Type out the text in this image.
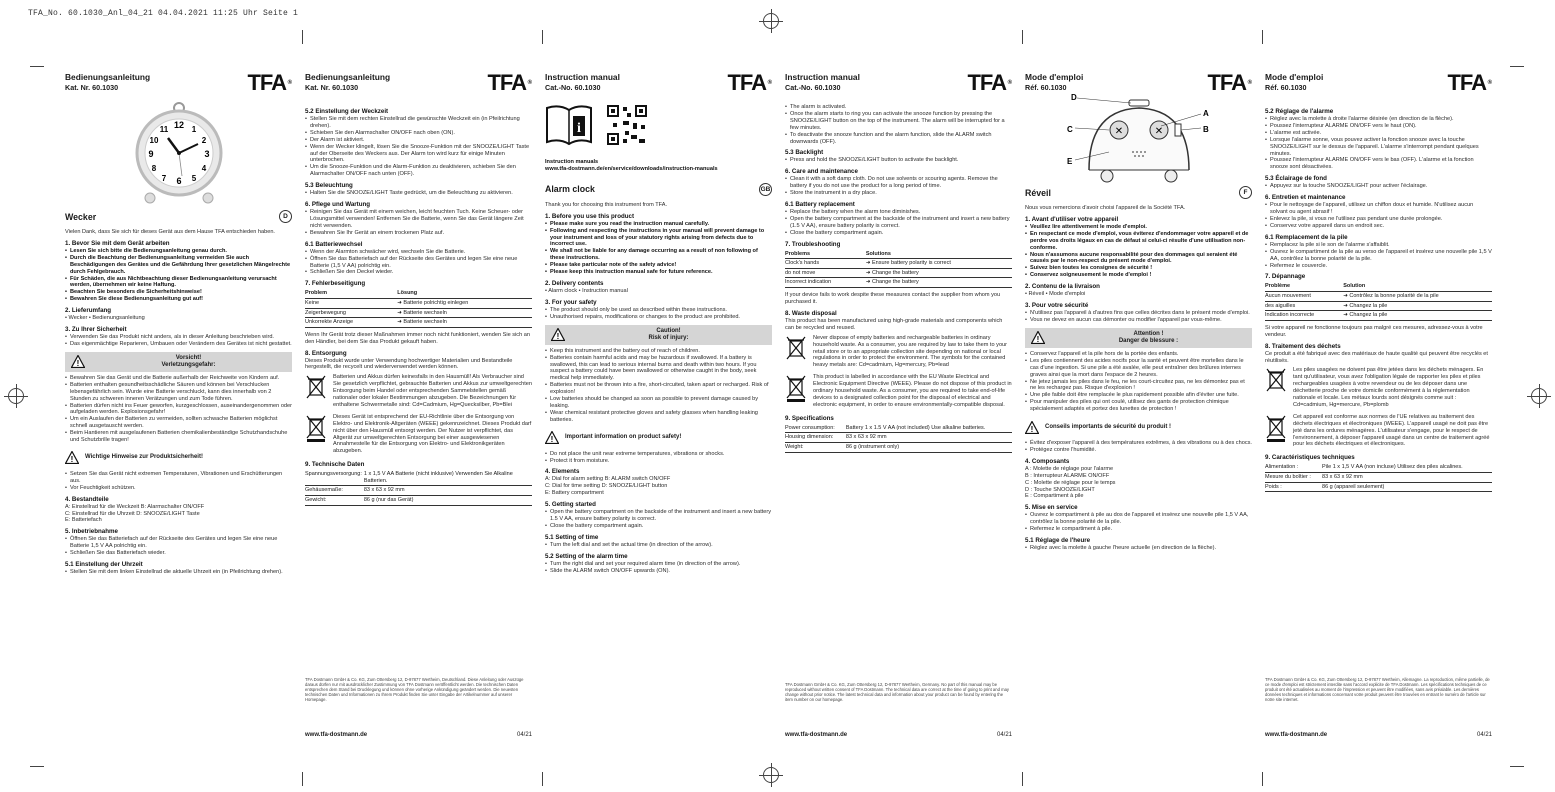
TFA_No. 60.1030_Anl_04_21 04.04.2021 11:25 Uhr Seite 1
Bedienungsanleitung
Kat. Nr. 60.1030	TFA ®
12
3
6
9
1
2
4
5
7
8
10
11
Wecker	D

Vielen Dank, dass Sie sich für dieses Gerät aus dem Hause TFA entschieden haben.

1. Bevor Sie mit dem Gerät arbeiten
• Lesen Sie sich bitte die Bedienungsanleitung genau durch.
• Durch die Beachtung der Bedienungsanleitung vermeiden Sie auch Beschädigungen des Gerätes und die Gefährdung Ihrer gesetzlichen Mängelrechte durch Fehlgebrauch.
• Für Schäden, die aus Nichtbeachtung dieser Bedienungsanleitung verursacht werden, übernehmen wir keine Haftung.
• Beachten Sie besonders die Sicherheitshinweise!
• Bewahren Sie diese Bedienungsanleitung gut auf!
2. Lieferumfang

• Wecker • Bedienungsanleitung

3. Zu Ihrer Sicherheit
• Verwenden Sie das Produkt nicht anders, als in dieser Anleitung beschrieben wird.
• Das eigenmächtige Reparieren, Umbauen oder Verändern des Gerätes ist nicht gestattet.
!
Vorsicht!
Verletzungsgefahr:
• Bewahren Sie das Gerät und die Batterie außerhalb der Reichweite von Kindern auf.
• Batterien enthalten gesundheitsschädliche Säuren und können bei Verschlucken lebensgefährlich sein. Wurde eine Batterie verschluckt, kann dies innerhalb von 2 Stunden zu schweren inneren Verätzungen und zum Tode führen.
• Batterien dürfen nicht ins Feuer geworfen, kurzgeschlossen, auseinandergenommen oder aufgeladen werden. Explosionsgefahr!
• Um ein Auslaufen der Batterien zu vermeiden, sollten schwache Batterien möglichst schnell ausgetauscht werden.
• Beim Hantieren mit ausgelaufenen Batterien chemikalienbeständige Schutzhandschuhe und Schutzbrille tragen!
! Wichtige Hinweise zur Produktsicherheit!
• Setzen Sie das Gerät nicht extremen Temperaturen, Vibrationen und Erschütterungen aus.
• Vor Feuchtigkeit schützen.
4. Bestandteile
A: Einstellrad für die Weckzeit B: Alarmschalter ON/OFF
C: Einstellrad für die Uhrzeit D: SNOOZE/LIGHT Taste
E: Batteriefach
5. Inbetriebnahme
• Öffnen Sie das Batteriefach auf der Rückseite des Gerätes und legen Sie eine neue Batterie 1,5 V AA polrichtig ein.
• Schließen Sie das Batteriefach wieder.
5.1 Einstellung der Uhrzeit
• Stellen Sie mit dem linken Einstellrad die aktuelle Uhrzeit ein (in Pfeilrichtung drehen).
Bedienungsanleitung
Kat. Nr. 60.1030	TFA ®
5.2 Einstellung der Weckzeit
• Stellen Sie mit dem rechten Einstellrad die gewünschte Weckzeit ein (in Pfeilrichtung drehen).
• Schieben Sie den Alarmschalter ON/OFF nach oben (ON).
• Der Alarm ist aktiviert.
• Wenn der Wecker klingelt, lösen Sie die Snooze-Funktion mit der SNOOZE/LIGHT Taste auf der Oberseite des Weckers aus. Der Alarm ton wird kurz für einige Minuten unterbrochen.
• Um die Snooze-Funktion und die Alarm-Funktion zu deaktivieren, schieben Sie den Alarmschalter ON/OFF nach unten (OFF).
5.3 Beleuchtung
• Halten Sie die SNOOZE/LIGHT Taste gedrückt, um die Beleuchtung zu aktivieren.
6. Pflege und Wartung
• Reinigen Sie das Gerät mit einem weichen, leicht feuchten Tuch. Keine Scheuer- oder Lösungsmittel verwenden! Entfernen Sie die Batterie, wenn Sie das Gerät längere Zeit nicht verwenden.
• Bewahren Sie Ihr Gerät an einem trockenen Platz auf.
6.1 Batteriewechsel
• Wenn der Alarmton schwächer wird, wechseln Sie die Batterie.
• Öffnen Sie das Batteriefach auf der Rückseite des Gerätes und legen Sie eine neue Batterie (1,5 V AA) polrichtig ein.
• Schließen Sie den Deckel wieder.
7. Fehlerbeseitigung
Problem	Lösung
Keine	➜ Batterie polrichtig einlegen
Zeigerbewegung	➜ Batterie wechseln
Unkorrekte Anzeige	➜ Batterie wechseln

Wenn Ihr Gerät trotz dieser Maßnahmen immer noch nicht funktioniert, wenden Sie sich an den Händler, bei dem Sie das Produkt gekauft haben.

8. Entsorgung

Dieses Produkt wurde unter Verwendung hochwertiger Materialien und Bestandteile hergestellt, die recycelt und wiederverwendet werden können.

Batterien und Akkus dürfen keinesfalls in den Hausmüll! Als Verbraucher sind Sie gesetzlich verpflichtet, gebrauchte Batterien und Akkus zur umweltgerechten Entsorgung beim Handel oder entsprechenden Sammelstellen gemäß nationaler oder lokaler Bestimmungen abzugeben. Die Bezeichnungen für enthaltene Schwermetalle sind: Cd=Cadmium, Hg=Quecksilber, Pb=Blei

Dieses Gerät ist entsprechend der EU-Richtlinie über die Entsorgung von Elektro- und Elektronik-Altgeräten (WEEE) gekennzeichnet. Dieses Produkt darf nicht über den Hausmüll entsorgt werden. Der Nutzer ist verpflichtet, das Altgerät zur umweltgerechten Entsorgung bei einer ausgewiesenen Annahmestelle für die Entsorgung von Elektro- und Elektronikgeräten abzugeben.

9. Technische Daten
Spannungsversorgung:	1 x 1,5 V AA Batterie (nicht inklusive) Verwenden Sie Alkaline Batterien.
Gehäusemaße:	83 x 63 x 92 mm
Gewicht:	86 g (nur das Gerät)

TFA Dostmann GmbH & Co. KG, Zum Ottersberg 12, D-97877 Wertheim, Deutschland. Diese Anleitung oder Auszüge daraus dürfen nur mit ausdrücklicher Zustimmung von TFA Dostmann veröffentlicht werden. Die technischen Daten entsprechen dem Stand bei Drucklegung und können ohne vorherige Ankündigung geändert werden. Die neuesten technischen Daten und Informationen zu Ihrem Produkt finden Sie unter Eingabe der Artikelnummer auf unserer Homepage.

www.tfa-dostmann.de	04/21
Instruction manual
Cat.-No. 60.1030	TFA ®
i
Instruction manuals
www.tfa-dostmann.de/en/service/downloads/instruction-manuals
Alarm clock	GB

Thank you for choosing this instrument from TFA.

1. Before you use this product
• Please make sure you read the instruction manual carefully.
• Following and respecting the instructions in your manual will prevent damage to your instrument and loss of your statutory rights arising from defects due to incorrect use.
• We shall not be liable for any damage occurring as a result of non following of these instructions.
• Please take particular note of the safety advice!
• Please keep this instruction manual safe for future reference.
2. Delivery contents

• Alarm clock • Instruction manual

3. For your safety
• The product should only be used as described within these instructions.
• Unauthorised repairs, modifications or changes to the product are prohibited.
!
Caution!
Risk of injury:
• Keep this instrument and the battery out of reach of children.
• Batteries contain harmful acids and may be hazardous if swallowed. If a battery is swallowed, this can lead to serious internal burns and death within two hours. If you suspect a battery could have been swallowed or otherwise caught in the body, seek medical help immediately.
• Batteries must not be thrown into a fire, short-circuited, taken apart or recharged. Risk of explosion!
• Low batteries should be changed as soon as possible to prevent damage caused by leaking.
• Wear chemical resistant protective gloves and safety glasses when handling leaking batteries.
! Important information on product safety!
• Do not place the unit near extreme temperatures, vibrations or shocks.
• Protect it from moisture.
4. Elements
A: Dial for alarm setting B: ALARM switch ON/OFF
C: Dial for time setting D: SNOOZE/LIGHT button
E: Battery compartment
5. Getting started
• Open the battery compartment on the backside of the instrument and insert a new battery 1.5 V AA, ensure battery polarity is correct.
• Close the battery compartment again.
5.1 Setting of time
• Turn the left dial and set the actual time (in direction of the arrow).
5.2 Setting of the alarm time
• Turn the right dial and set your required alarm time (in direction of the arrow).
• Slide the ALARM switch ON/OFF upwards (ON).
Instruction manual
Cat.-No. 60.1030	TFA ®
• The alarm is activated.
• Once the alarm starts to ring you can activate the snooze function by pressing the SNOOZE/LIGHT button on the top of the instrument. The alarm will be interrupted for a few minutes.
• To deactivate the snooze function and the alarm function, slide the ALARM switch downwards (OFF).
5.3 Backlight
• Press and hold the SNOOZE/LIGHT button to activate the backlight.
6. Care and maintenance
• Clean it with a soft damp cloth. Do not use solvents or scouring agents. Remove the battery if you do not use the product for a long period of time.
• Store the instrument in a dry place.
6.1 Battery replacement
• Replace the battery when the alarm tone diminishes.
• Open the battery compartment at the backside of the instrument and insert a new battery (1.5 V AA), ensure battery polarity is correct.
• Close the battery compartment again.
7. Troubleshooting
Problems	Solutions
Clock's hands	➜ Ensure battery polarity is correct
do not move	➜ Change the battery
Incorrect indication	➜ Change the battery

If your device fails to work despite these measures contact the supplier from whom you purchased it.

8. Waste disposal

This product has been manufactured using high-grade materials and components which can be recycled and reused.

Never dispose of empty batteries and rechargeable batteries in ordinary household waste. As a consumer, you are required by law to take them to your retail store or to an appropriate collection site depending on national or local regulations in order to protect the environment. The symbols for the contained heavy metals are: Cd=cadmium, Hg=mercury, Pb=lead

This product is labelled in accordance with the EU Waste Electrical and Electronic Equipment Directive (WEEE). Please do not dispose of this product in ordinary household waste. As a consumer, you are required to take end-of-life devices to a designated collection point for the disposal of electrical and electronic equipment, in order to ensure environmentally-compatible disposal.

9. Specifications
Power consumption:	Battery 1 x 1.5 V AA (not included) Use alkaline batteries.
Housing dimension:	83 x 63 x 92 mm
Weight:	86 g (instrument only)

TFA Dostmann GmbH & Co. KG, Zum Ottersberg 12, D-97877 Wertheim, Germany. No part of this manual may be reproduced without written consent of TFA Dostmann. The technical data are correct at the time of going to print and may change without prior notice. The latest technical data and information about your product can be found by entering the item number on our homepage.

www.tfa-dostmann.de	04/21
Mode d'emploi
Réf. 60.1030	TFA ®
✕	✕
D
A
B
C
E
Réveil	F

Nous vous remercions d'avoir choisi l'appareil de la Société TFA.

1. Avant d'utiliser votre appareil
• Veuillez lire attentivement le mode d'emploi.
• En respectant ce mode d'emploi, vous éviterez d'endommager votre appareil et de perdre vos droits légaux en cas de défaut si celui-ci résulte d'une utilisation non-conforme.
• Nous n'assumons aucune responsabilité pour des dommages qui seraient été causés par le non-respect du présent mode d'emploi.
• Suivez bien toutes les consignes de sécurité !
• Conservez soigneusement le mode d'emploi !
2. Contenu de la livraison

• Réveil • Mode d'emploi

3. Pour votre sécurité
• N'utilisez pas l'appareil à d'autres fins que celles décrites dans le présent mode d'emploi.
• Vous ne devez en aucun cas démonter ou modifier l'appareil par vous-même.
!
Attention !
Danger de blessure :
• Conservez l'appareil et la pile hors de la portée des enfants.
• Les piles contiennent des acides nocifs pour la santé et peuvent être mortelles dans le cas d'une ingestion. Si une pile a été avalée, elle peut entraîner des brûlures internes graves ainsi que la mort dans l'espace de 2 heures.
• Ne jetez jamais les piles dans le feu, ne les court-circuitez pas, ne les démontez pas et ne les rechargez pas. Risque d'explosion !
• Une pile faible doit être remplacée le plus rapidement possible afin d'éviter une fuite.
• Pour manipuler des piles qui ont coulé, utilisez des gants de protection chimique spécialement adaptés et portez des lunettes de protection !
! Conseils importants de sécurité du produit !
• Évitez d'exposer l'appareil à des températures extrêmes, à des vibrations ou à des chocs.
• Protégez contre l'humidité.
4. Composants
A : Molette de réglage pour l'alarme
B : Interrupteur ALARME ON/OFF
C : Molette de réglage pour le temps
D : Touche SNOOZE/LIGHT
E : Compartiment à pile
5. Mise en service
• Ouvrez le compartiment à pile au dos de l'appareil et insérez une nouvelle pile 1,5 V AA, contrôlez la bonne polarité de la pile.
• Refermez le compartiment à pile.
5.1 Réglage de l'heure
• Réglez avec la molette à gauche l'heure actuelle (en direction de la flèche).
Mode d'emploi
Réf. 60.1030	TFA ®
5.2 Réglage de l'alarme
• Réglez avec la molette à droite l'alarme désirée (en direction de la flèche).
• Poussez l'interrupteur ALARME ON/OFF vers le haut (ON).
• L'alarme est activée.
• Lorsque l'alarme sonne, vous pouvez activer la fonction snooze avec la touche SNOOZE/LIGHT sur le dessus de l'appareil. L'alarme s'interrompt pendant quelques minutes.
• Poussez l'interrupteur ALARME ON/OFF vers le bas (OFF). L'alarme et la fonction snooze sont désactivées.
5.3 Éclairage de fond
• Appuyez sur la touche SNOOZE/LIGHT pour activer l'éclairage.
6. Entretien et maintenance
• Pour le nettoyage de l'appareil, utilisez un chiffon doux et humide. N'utilisez aucun solvant ou agent abrasif !
• Enlevez la pile, si vous ne l'utilisez pas pendant une durée prolongée.
• Conservez votre appareil dans un endroit sec.
6.1 Remplacement de la pile
• Remplacez la pile si le son de l'alarme s'affaiblit.
• Ouvrez le compartiment de la pile au verso de l'appareil et insérez une nouvelle pile 1,5 V AA, contrôlez la bonne polarité de la pile.
• Refermez le couvercle.
7. Dépannage
Problème	Solution
Aucun mouvement	➜ Contrôlez la bonne polarité de la pile
des aiguilles	➜ Changez la pile
Indication incorrecte	➜ Changez la pile

Si votre appareil ne fonctionne toujours pas malgré ces mesures, adressez-vous à votre vendeur.

8. Traitement des déchets

Ce produit a été fabriqué avec des matériaux de haute qualité qui peuvent être recyclés et réutilisés.

Les piles usagées ne doivent pas être jetées dans les déchets ménagers. En tant qu'utilisateur, vous avez l'obligation légale de rapporter les piles et piles rechargeables usagées à votre revendeur ou de les déposer dans une déchetterie proche de votre domicile conformément à la réglementation nationale et locale. Les métaux lourds sont désignés comme suit : Cd=cadmium, Hg=mercure, Pb=plomb

Cet appareil est conforme aux normes de l'UE relatives au traitement des déchets électriques et électroniques (WEEE). L'appareil usagé ne doit pas être jeté dans les ordures ménagères. L'utilisateur s'engage, pour le respect de l'environnement, à déposer l'appareil usagé dans un centre de traitement agréé pour les déchets électriques et électroniques.

9. Caractéristiques techniques
Alimentation :	Pile 1 x 1,5 V AA (non incluse) Utilisez des piles alcalines.
Mesure du boîtier :	83 x 63 x 92 mm
Poids :	86 g (appareil seulement)

TFA Dostmann GmbH & Co. KG, Zum Ottersberg 12, D-97877 Wertheim, Allemagne. La reproduction, même partielle, de ce mode d'emploi est strictement interdite sans l'accord explicite de TFA Dostmann. Les spécifications techniques de ce produit ont été actualisées au moment de l'impression et peuvent être modifiées, sans avis préalable. Les dernières données techniques et informations concernant votre produit peuvent être trouvées en entrant le numéro de l'article sur notre site internet.

www.tfa-dostmann.de	04/21
